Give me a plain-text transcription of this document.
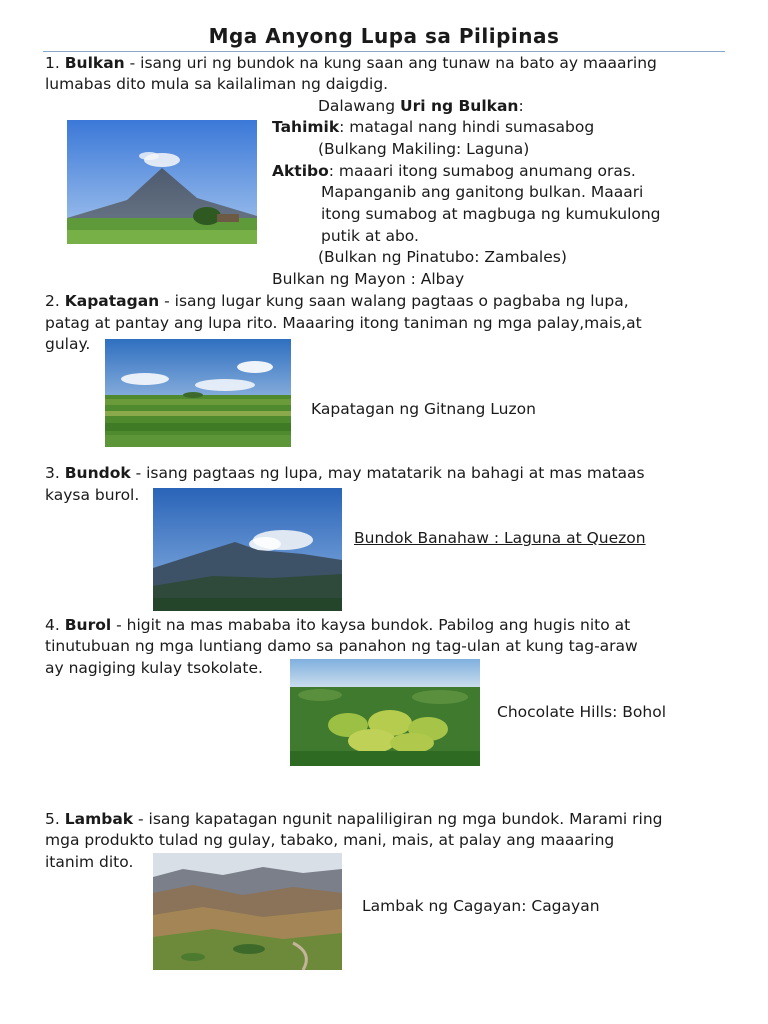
Mga Anyong Lupa sa Pilipinas
1. Bulkan - isang uri ng bundok na kung saan ang tunaw na bato ay maaaring
lumabas dito mula sa kailaliman ng daigdig.
Dalawang Uri ng Bulkan:
Tahimik: matagal nang hindi sumasabog
(Bulkang Makiling: Laguna)
Aktibo: maaari itong sumabog anumang oras.
Mapanganib ang ganitong bulkan. Maaari
itong sumabog at magbuga ng kumukulong
putik at abo.
(Bulkan ng Pinatubo: Zambales)
Bulkan ng Mayon : Albay
2. Kapatagan - isang lugar kung saan walang pagtaas o pagbaba ng lupa,
patag at pantay ang lupa rito. Maaaring itong taniman ng mga palay,mais,at
gulay.
Kapatagan ng Gitnang Luzon
3. Bundok - isang pagtaas ng lupa, may matatarik na bahagi at mas mataas
kaysa burol.
Bundok Banahaw : Laguna at Quezon
4. Burol - higit na mas mababa ito kaysa bundok. Pabilog ang hugis nito at
tinutubuan ng mga luntiang damo sa panahon ng tag-ulan at kung tag-araw
ay nagiging kulay tsokolate.
Chocolate Hills: Bohol
5. Lambak - isang kapatagan ngunit napaliligiran ng mga bundok. Marami ring
mga produkto tulad ng gulay, tabako, mani, mais, at palay ang maaaring
itanim dito.
Lambak ng Cagayan: Cagayan
